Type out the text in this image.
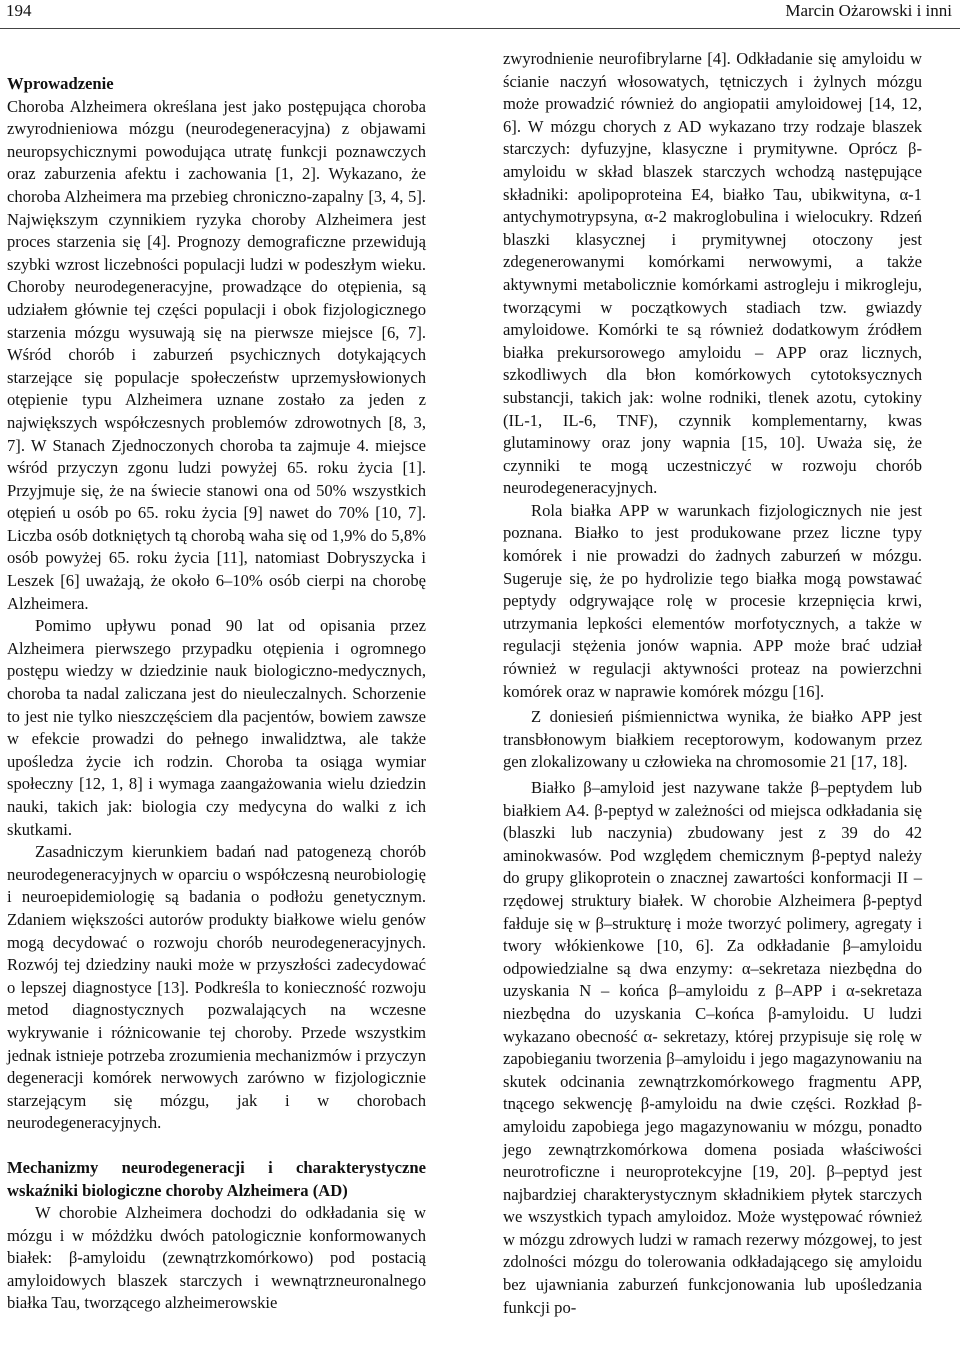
194	Marcin Ożarowski i inni

Wprowadzenie

Choroba Alzheimera określana jest jako postępująca choroba zwyrodnieniowa mózgu (neurodegeneracyjna) z objawami neuropsychicznymi powodująca utratę funkcji poznawczych oraz zaburzenia afektu i zachowania [1, 2]. Wykazano, że choroba Alzheimera ma przebieg chroniczno-zapalny [3, 4, 5]. Największym czynnikiem ryzyka choroby Alzheimera jest proces starzenia się [4]. Prognozy demograficzne przewidują szybki wzrost liczebności populacji ludzi w podeszłym wieku. Choroby neurodegeneracyjne, prowadzące do otępienia, są udziałem głównie tej części populacji i obok fizjologicznego starzenia mózgu wysuwają się na pierwsze miejsce [6, 7]. Wśród chorób i zaburzeń psychicznych dotykających starzejące się populacje społeczeństw uprzemysłowionych otępienie typu Alzheimera uznane zostało za jeden z największych współczesnych problemów zdrowotnych [8, 3, 7]. W Stanach Zjednoczonych choroba ta zajmuje 4. miejsce wśród przyczyn zgonu ludzi powyżej 65. roku życia [1]. Przyjmuje się, że na świecie stanowi ona od 50% wszystkich otępień u osób po 65. roku życia [9] nawet do 70% [10, 7]. Liczba osób dotkniętych tą chorobą waha się od 1,9% do 5,8% osób powyżej 65. roku życia [11], natomiast Dobryszycka i Leszek [6] uważają, że około 6–10% osób cierpi na chorobę Alzheimera.

Pomimo upływu ponad 90 lat od opisania przez Alzheimera pierwszego przypadku otępienia i ogromnego postępu wiedzy w dziedzinie nauk biologiczno-medycznych, choroba ta nadal zaliczana jest do nieuleczalnych. Schorzenie to jest nie tylko nieszczęściem dla pacjentów, bowiem zawsze w efekcie prowadzi do pełnego inwalidztwa, ale także upośledza życie ich rodzin. Choroba ta osiąga wymiar społeczny [12, 1, 8] i wymaga zaangażowania wielu dziedzin nauki, takich jak: biologia czy medycyna do walki z ich skutkami.

Zasadniczym kierunkiem badań nad patogenezą chorób neurodegeneracyjnych w oparciu o współczesną neurobiologię i neuroepidemiologię są badania o podłożu genetycznym. Zdaniem większości autorów produkty białkowe wielu genów mogą decydować o rozwoju chorób neurodegeneracyjnych. Rozwój tej dziedziny nauki może w przyszłości zadecydować o lepszej diagnostyce [13]. Podkreśla to konieczność rozwoju metod diagnostycznych pozwalających na wczesne wykrywanie i różnicowanie tej choroby. Przede wszystkim jednak istnieje potrzeba zrozumienia mechanizmów i przyczyn degeneracji komórek nerwowych zarówno w fizjologicznie starzejącym się mózgu, jak i w chorobach neurodegeneracyjnych.

Mechanizmy neurodegeneracji i charakterystyczne wskaźniki biologiczne choroby Alzheimera (AD)

W chorobie Alzheimera dochodzi do odkładania się w mózgu i w móżdżku dwóch patologicznie konformowanych białek: β-amyloidu (zewnątrzkomórkowo) pod postacią amyloidowych blaszek starczych i wewnątrzneuronalnego białka Tau, tworzącego alzheimerowskie

zwyrodnienie neurofibrylarne [4]. Odkładanie się amyloidu w ścianie naczyń włosowatych, tętniczych i żylnych mózgu może prowadzić również do angiopatii amyloidowej [14, 12, 6]. W mózgu chorych z AD wykazano trzy rodzaje blaszek starczych: dyfuzyjne, klasyczne i prymitywne. Oprócz β-amyloidu w skład blaszek starczych wchodzą następujące składniki: apolipoproteina E4, białko Tau, ubikwityna, α-1 antychymotrypsyna, α-2 makroglobulina i wielocukry. Rdzeń blaszki klasycznej i prymitywnej otoczony jest zdegenerowanymi komórkami nerwowymi, a także aktywnymi metabolicznie komórkami astrogleju i mikrogleju, tworzącymi w początkowych stadiach tzw. gwiazdy amyloidowe. Komórki te są również dodatkowym źródłem białka prekursorowego amyloidu – APP oraz licznych, szkodliwych dla błon komórkowych cytotoksycznych substancji, takich jak: wolne rodniki, tlenek azotu, cytokiny (IL-1, IL-6, TNF), czynnik komplementarny, kwas glutaminowy oraz jony wapnia [15, 10]. Uważa się, że czynniki te mogą uczestniczyć w rozwoju chorób neurodegeneracyjnych.

Rola białka APP w warunkach fizjologicznych nie jest poznana. Białko to jest produkowane przez liczne typy komórek i nie prowadzi do żadnych zaburzeń w mózgu. Sugeruje się, że po hydrolizie tego białka mogą powstawać peptydy odgrywające rolę w procesie krzepnięcia krwi, utrzymania lepkości elementów morfotycznych, a także w regulacji stężenia jonów wapnia. APP może brać udział również w regulacji aktywności proteaz na powierzchni komórek oraz w naprawie komórek mózgu [16].

Z doniesień piśmiennictwa wynika, że białko APP jest transbłonowym białkiem receptorowym, kodowanym przez gen zlokalizowany u człowieka na chromosomie 21 [17, 18].

Białko β–amyloid jest nazywane także β–peptydem lub białkiem A4. β-peptyd w zależności od miejsca odkładania się (blaszki lub naczynia) zbudowany jest z 39 do 42 aminokwasów. Pod względem chemicznym β-peptyd należy do grupy glikoprotein o znacznej zawartości konformacji II – rzędowej struktury białek. W chorobie Alzheimera β-peptyd fałduje się w β–strukturę i może tworzyć polimery, agregaty i twory włókienkowe [10, 6]. Za odkładanie β–amyloidu odpowiedzialne są dwa enzymy: α–sekretaza niezbędna do uzyskania N – końca β–amyloidu z β–APP i α-sekretaza niezbędna do uzyskania C–końca β-amyloidu. U ludzi wykazano obecność α- sekretazy, której przypisuje się rolę w zapobieganiu tworzenia β–amyloidu i jego magazynowaniu na skutek odcinania zewnątrzkomórkowego fragmentu APP, tnącego sekwencję β-amyloidu na dwie części. Rozkład β-amyloidu zapobiega jego magazynowaniu w mózgu, ponadto jego zewnątrzkomórkowa domena posiada właściwości neurotroficzne i neuroprotekcyjne [19, 20]. β–peptyd jest najbardziej charakterystycznym składnikiem płytek starczych we wszystkich typach amyloidoz. Może występować również w mózgu zdrowych ludzi w ramach rezerwy mózgowej, to jest zdolności mózgu do tolerowania odkładającego się amyloidu bez ujawniania zaburzeń funkcjonowania lub upośledzania funkcji po-
